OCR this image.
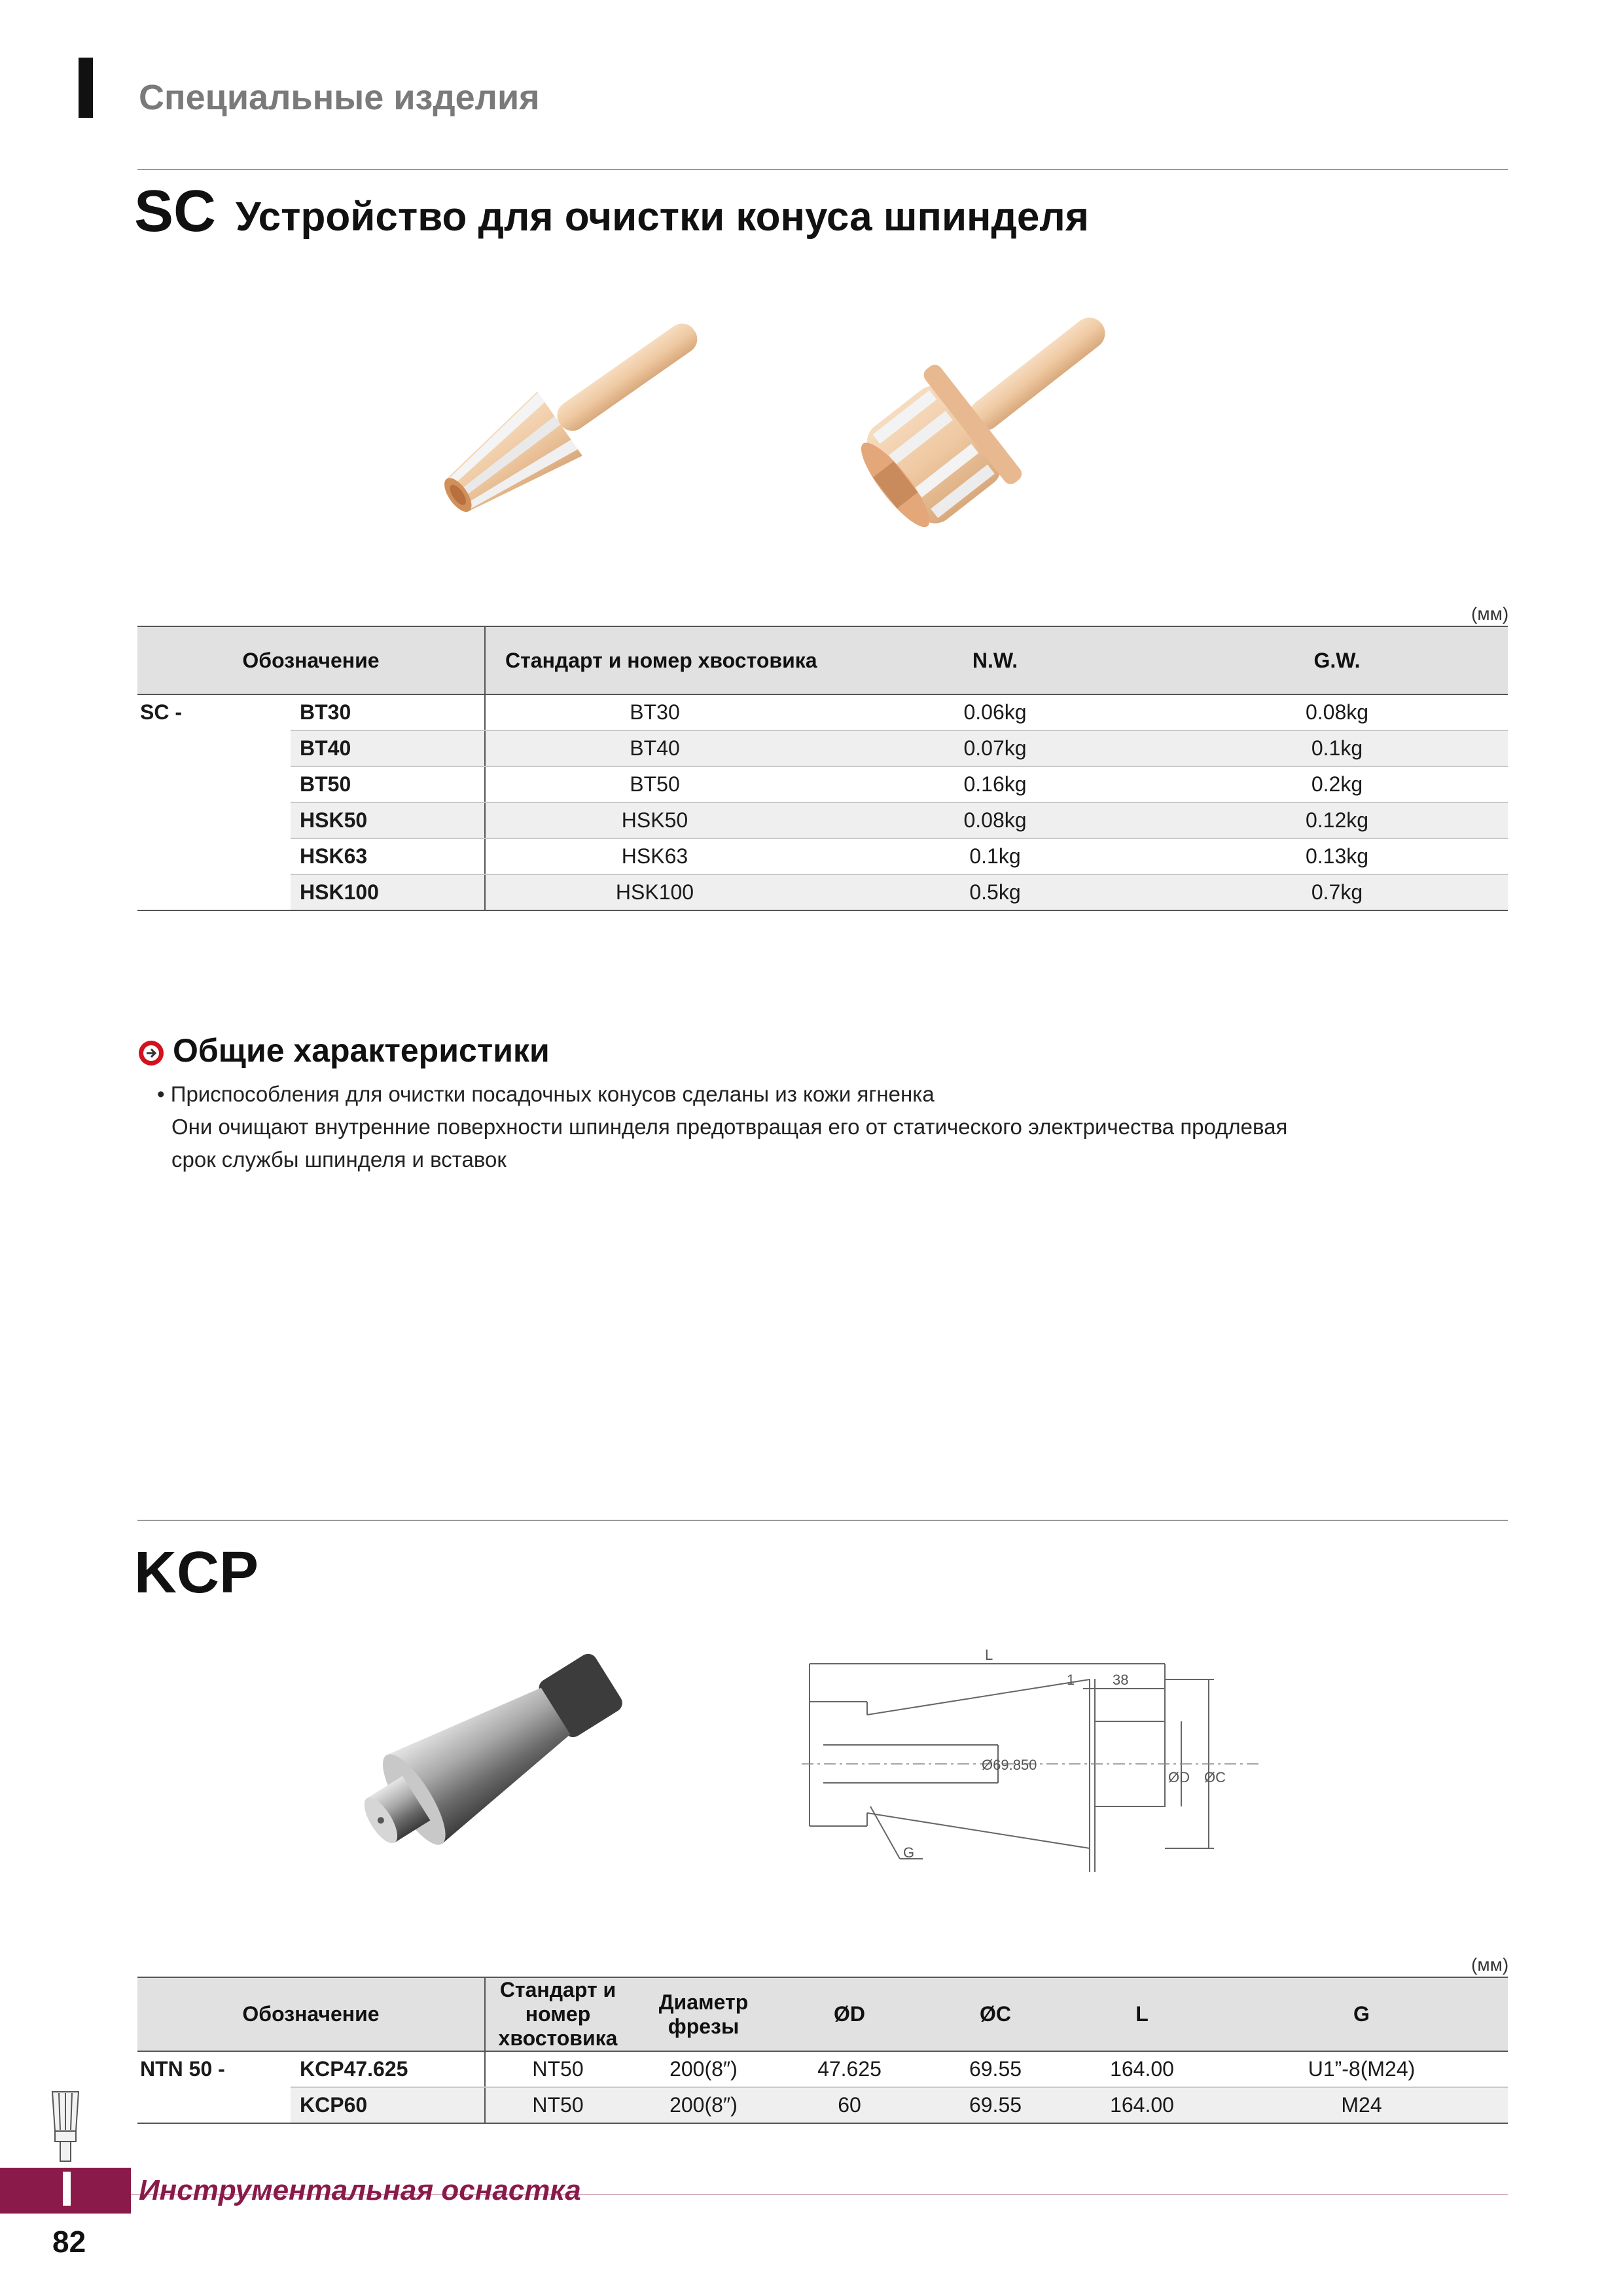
Специальные изделия
SC Устройство для очистки конуса шпинделя
(мм)
Обозначение		Стандарт и номер хвостовика	N.W.	G.W.
SC -	BT30	BT30	0.06kg	0.08kg
	BT40	BT40	0.07kg	0.1kg
	BT50	BT50	0.16kg	0.2kg
	HSK50	HSK50	0.08kg	0.12kg
	HSK63	HSK63	0.1kg	0.13kg
	HSK100	HSK100	0.5kg	0.7kg
Общие характеристики
• Приспособления для очистки посадочных конусов сделаны из кожи ягненка
Они очищают внутренние поверхности шпинделя предотвращая его от статического электричества продлевая
срок службы шпинделя и вставок
KCP
L
1	38
Ø69.850
ØD ØC
G
(мм)
Обозначение		Стандарт и номер
хвостовика	Диаметр
фрезы	ØD	ØC	L	G
NTN 50 -	KCP47.625	NT50	200(8″)	47.625	69.55	164.00	U1”-8(M24)
	KCP60	NT50	200(8″)	60	69.55	164.00	M24
Инструментальная оснастка
82
